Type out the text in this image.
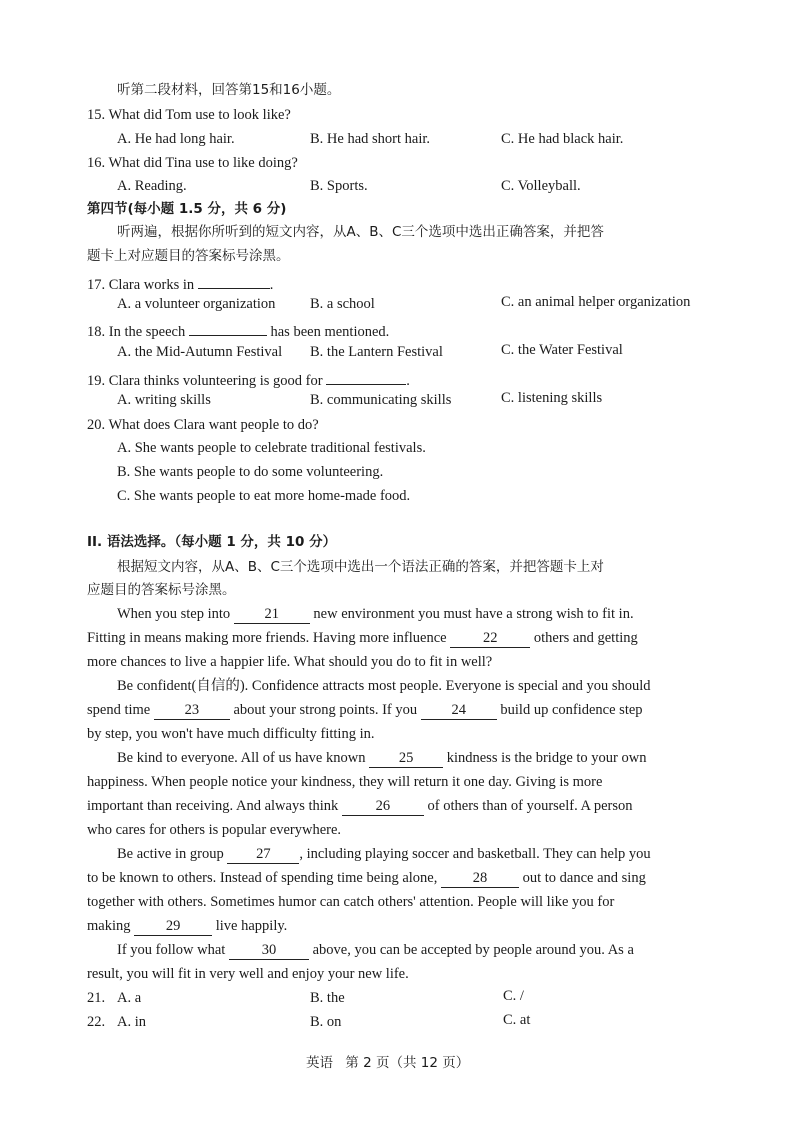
听第二段材料，回答第15和16小题。
15. What did Tom use to look like?
A. He had long hair.	B. He had short hair.	C. He had black hair.
16. What did Tina use to like doing?
A. Reading.	B. Sports.	C. Volleyball.
第四节(每小题 1.5 分，共 6 分)
听两遍，根据你所听到的短文内容，从A、B、C三个选项中选出正确答案，并把答
题卡上对应题目的答案标号涂黑。
17. Clara works in	.
A. a volunteer organization B. a school	C. an animal helper organization
18. In the speech	has been mentioned.
A. the Mid-Autumn Festival B. the Lantern Festival	C. the Water Festival
19. Clara thinks volunteering is good for	.
A. writing skills	B. communicating skills	C. listening skills
20. What does Clara want people to do?
A. She wants people to celebrate traditional festivals.
B. She wants people to do some volunteering.
C. She wants people to eat more home-made food.
II. 语法选择。（每小题 1 分，共 10 分）
根据短文内容，从A、B、C三个选项中选出一个语法正确的答案，并把答题卡上对
应题目的答案标号涂黑。
When you step into 21 new environment you must have a strong wish to fit in.
Fitting in means making more friends. Having more influence	22	others and getting
more chances to live a happier life. What should you do to fit in well?
Be confident(自信的). Confidence attracts most people. Everyone is special and you should
spend time 23 about your strong points. If you 24 build up confidence step
by step, you won't have much difficulty fitting in.
Be kind to everyone. All of us have known 25 kindness is the bridge to your own
happiness. When people notice your kindness, they will return it one day. Giving is more
important than receiving. And always think	26	of others than of yourself. A person
who cares for others is popular everywhere.
Be active in group 27 , including playing soccer and basketball. They can help you
to be known to others. Instead of spending time being alone, 28 out to dance and sing
together with others. Sometimes humor can catch others' attention. People will like you for
making 29 live happily.
If you follow what	30	above, you can be accepted by people around you. As a
result, you will fit in very well and enjoy your new life.
21. A. a	B. the	C. /
22. A. in	B. on	C. at
英语 第 2 页（共 12 页）
